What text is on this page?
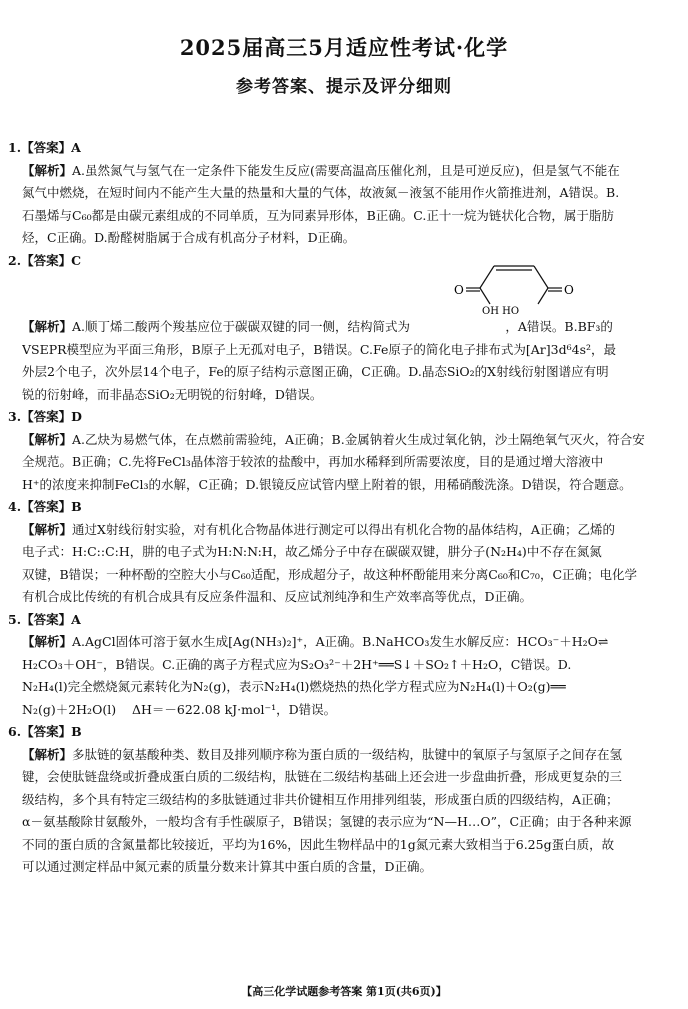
2025届高三5月适应性考试·化学
参考答案、提示及评分细则
1.【答案】A
【解析】A.虽然氮气与氢气在一定条件下能发生反应(需要高温高压催化剂，且是可逆反应)，但是氢气不能在
氮气中燃烧，在短时间内不能产生大量的热量和大量的气体，故液氮－液氢不能用作火箭推进剂，A错误。B.
石墨烯与C₆₀都是由碳元素组成的不同单质，互为同素异形体，B正确。C.正十一烷为链状化合物，属于脂肪
烃，C正确。D.酚醛树脂属于合成有机高分子材料，D正确。
2.【答案】C
O	O
OH HO
【解析】A.顺丁烯二酸两个羧基应位于碳碳双键的同一侧，结构简式为                        ，A错误。B.BF₃的
VSEPR模型应为平面三角形，B原子上无孤对电子，B错误。C.Fe原子的简化电子排布式为[Ar]3d⁶4s²，最
外层2个电子，次外层14个电子，Fe的原子结构示意图正确，C正确。D.晶态SiO₂的X射线衍射图谱应有明
锐的衍射峰，而非晶态SiO₂无明锐的衍射峰，D错误。
3.【答案】D
【解析】A.乙炔为易燃气体，在点燃前需验纯，A正确；B.金属钠着火生成过氧化钠，沙土隔绝氧气灭火，符合安
全规范。B正确；C.先将FeCl₃晶体溶于较浓的盐酸中，再加水稀释到所需要浓度，目的是通过增大溶液中
H⁺的浓度来抑制FeCl₃的水解，C正确；D.银镜反应试管内壁上附着的银，用稀硝酸洗涤。D错误，符合题意。
4.【答案】B
【解析】通过X射线衍射实验，对有机化合物晶体进行测定可以得出有机化合物的晶体结构，A正确；乙烯的
电子式：H:C::C:H，肼的电子式为H:N:N:H，故乙烯分子中存在碳碳双键，肼分子(N₂H₄)中不存在氮氮
双键，B错误；一种杯酚的空腔大小与C₆₀适配，形成超分子，故这种杯酚能用来分离C₆₀和C₇₀，C正确；电化学
有机合成比传统的有机合成具有反应条件温和、反应试剂纯净和生产效率高等优点，D正确。
5.【答案】A
【解析】A.AgCl固体可溶于氨水生成[Ag(NH₃)₂]⁺，A正确。B.NaHCO₃发生水解反应：HCO₃⁻＋H₂O⇌
H₂CO₃＋OH⁻，B错误。C.正确的离子方程式应为S₂O₃²⁻＋2H⁺══S↓＋SO₂↑＋H₂O，C错误。D.
N₂H₄(l)完全燃烧氮元素转化为N₂(g)，表示N₂H₄(l)燃烧热的热化学方程式应为N₂H₄(l)＋O₂(g)══
N₂(g)＋2H₂O(l)    ΔH＝－622.08 kJ·mol⁻¹，D错误。
6.【答案】B
【解析】多肽链的氨基酸种类、数目及排列顺序称为蛋白质的一级结构，肽键中的氧原子与氢原子之间存在氢
键，会使肽链盘绕或折叠成蛋白质的二级结构，肽链在二级结构基础上还会进一步盘曲折叠，形成更复杂的三
级结构，多个具有特定三级结构的多肽链通过非共价键相互作用排列组装，形成蛋白质的四级结构，A正确；
α－氨基酸除甘氨酸外，一般均含有手性碳原子，B错误；氢键的表示应为“N—H…O”，C正确；由于各种来源
不同的蛋白质的含氮量都比较接近，平均为16%，因此生物样品中的1g氮元素大致相当于6.25g蛋白质，故
可以通过测定样品中氮元素的质量分数来计算其中蛋白质的含量，D正确。
【高三化学试题参考答案 第1页(共6页)】
